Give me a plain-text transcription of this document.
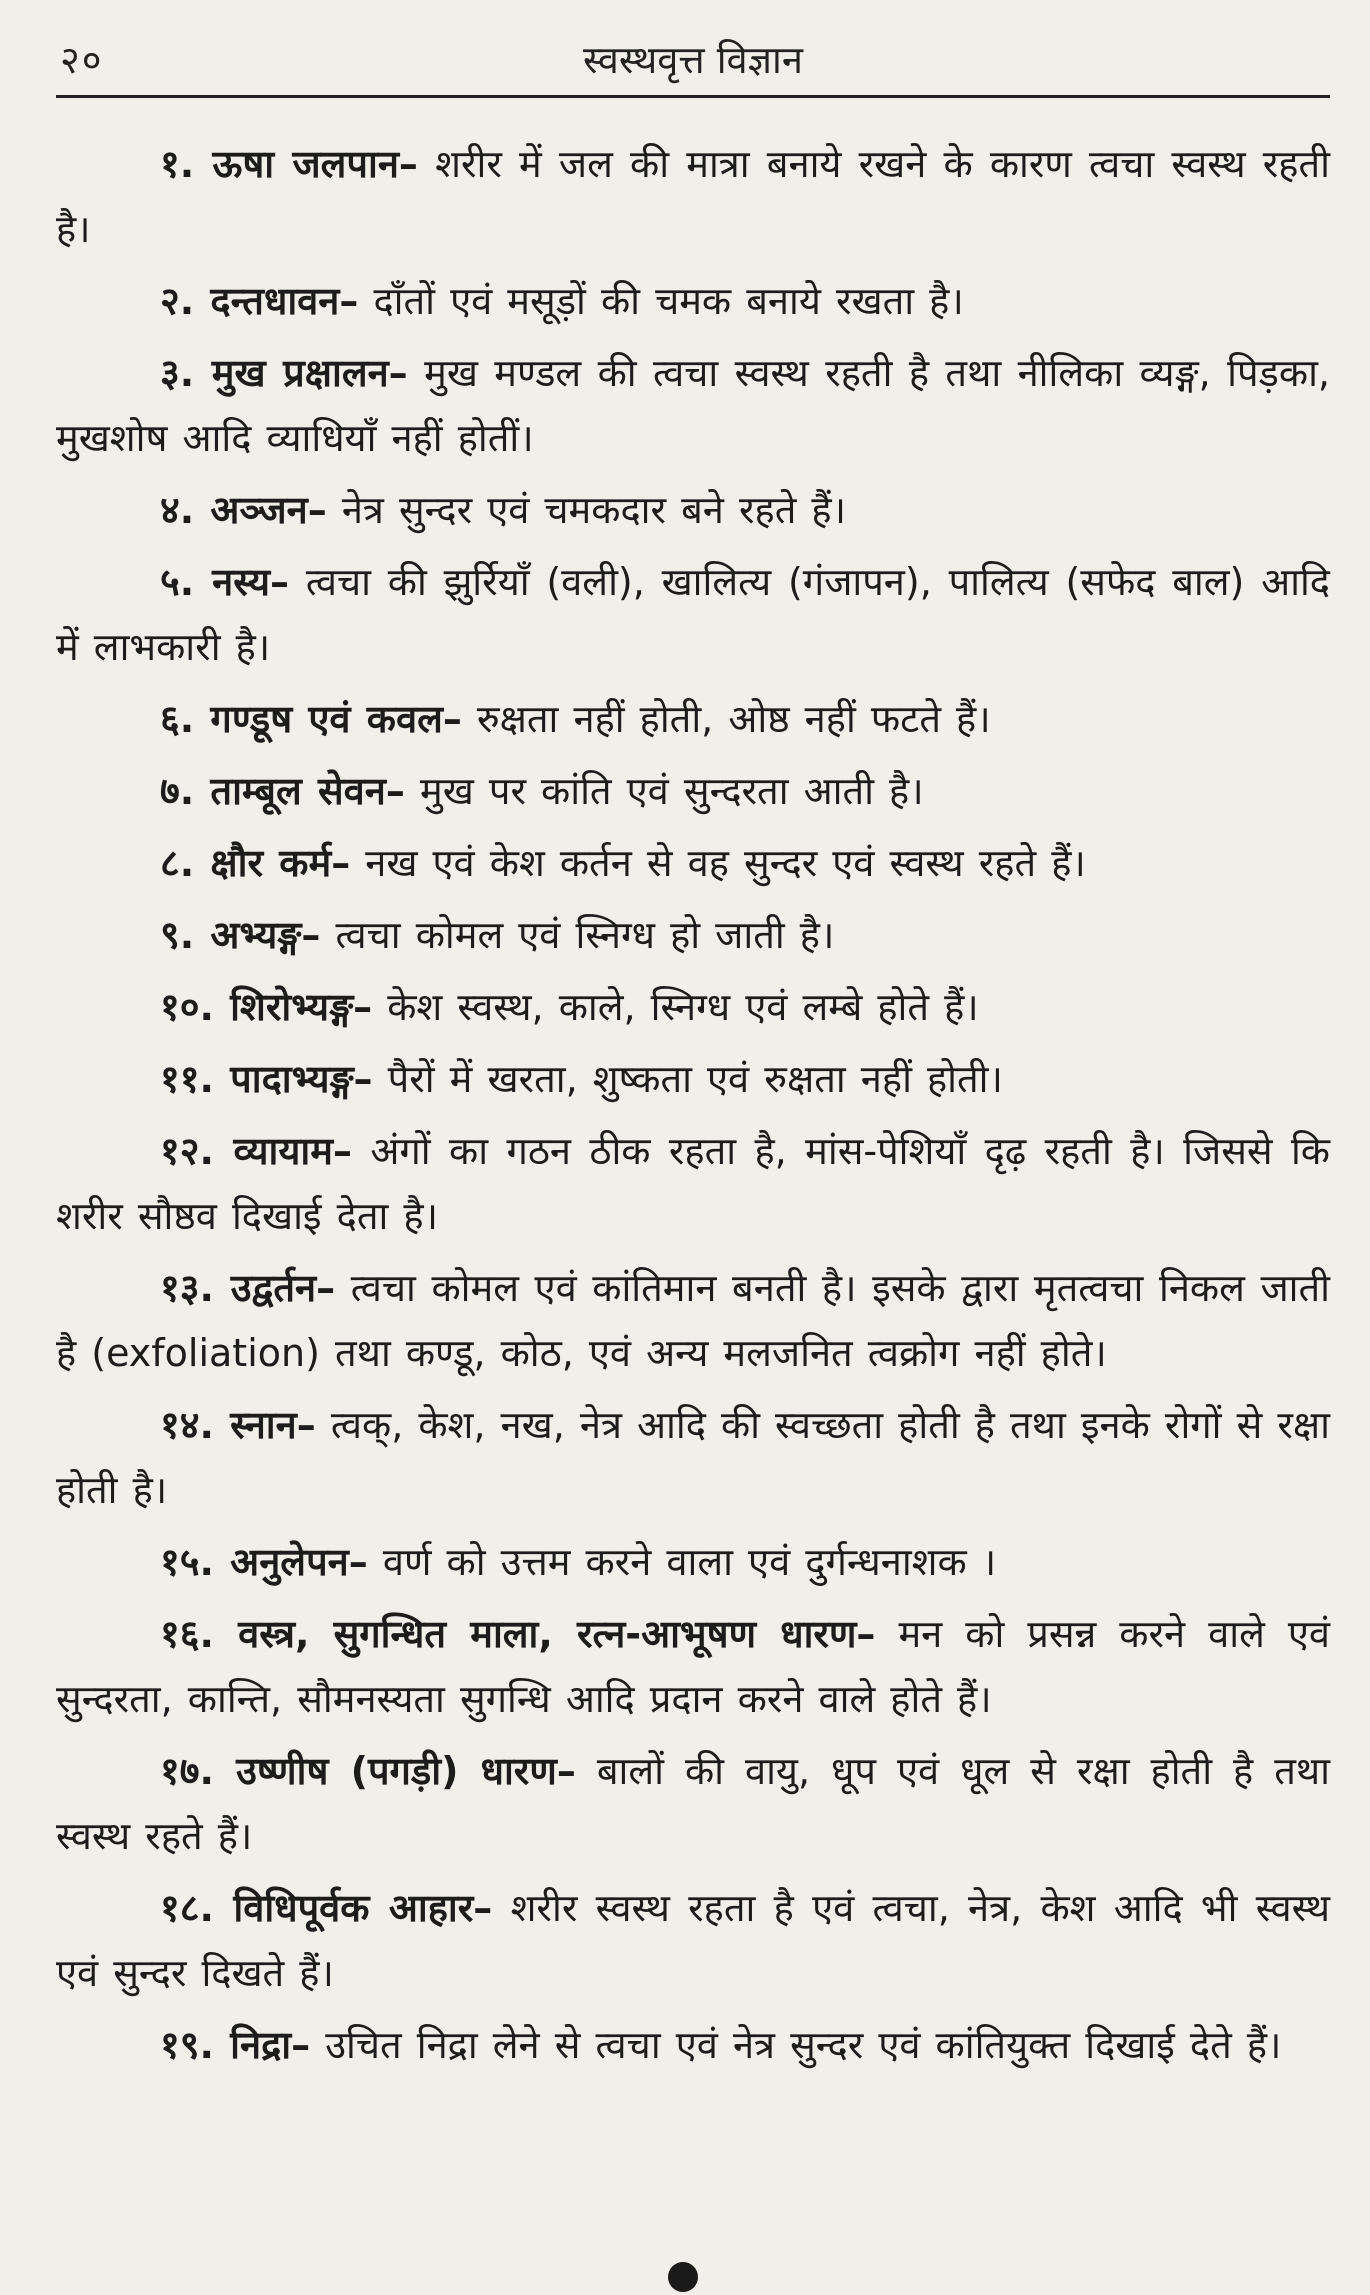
२०	स्वस्थवृत्त विज्ञान

१. ऊषा जलपान– शरीर में जल की मात्रा बनाये रखने के कारण त्वचा स्वस्थ रहती है।

२. दन्तधावन– दाँतों एवं मसूड़ों की चमक बनाये रखता है।

३. मुख प्रक्षालन– मुख मण्डल की त्वचा स्वस्थ रहती है तथा नीलिका व्यङ्ग, पिड़का, मुखशोष आदि व्याधियाँ नहीं होतीं।

४. अञ्जन– नेत्र सुन्दर एवं चमकदार बने रहते हैं।

५. नस्य– त्वचा की झुर्रियाँ (वली), खालित्य (गंजापन), पालित्य (सफेद बाल) आदि में लाभकारी है।

६. गण्डूष एवं कवल– रुक्षता नहीं होती, ओष्ठ नहीं फटते हैं।

७. ताम्बूल सेवन– मुख पर कांति एवं सुन्दरता आती है।

८. क्षौर कर्म– नख एवं केश कर्तन से वह सुन्दर एवं स्वस्थ रहते हैं।

९. अभ्यङ्ग– त्वचा कोमल एवं स्निग्ध हो जाती है।

१०. शिरोभ्यङ्ग– केश स्वस्थ, काले, स्निग्ध एवं लम्बे होते हैं।

११. पादाभ्यङ्ग– पैरों में खरता, शुष्कता एवं रुक्षता नहीं होती।

१२. व्यायाम– अंगों का गठन ठीक रहता है, मांस-पेशियाँ दृढ़ रहती है। जिससे कि शरीर सौष्ठव दिखाई देता है।

१३. उद्वर्तन– त्वचा कोमल एवं कांतिमान बनती है। इसके द्वारा मृतत्वचा निकल जाती है (exfoliation) तथा कण्डू, कोठ, एवं अन्य मलजनित त्वक्रोग नहीं होते।

१४. स्नान– त्वक्, केश, नख, नेत्र आदि की स्वच्छता होती है तथा इनके रोगों से रक्षा होती है।

१५. अनुलेपन– वर्ण को उत्तम करने वाला एवं दुर्गन्धनाशक ।

१६. वस्त्र, सुगन्धित माला, रत्न-आभूषण धारण– मन को प्रसन्न करने वाले एवं सुन्दरता, कान्ति, सौमनस्यता सुगन्धि आदि प्रदान करने वाले होते हैं।

१७. उष्णीष (पगड़ी) धारण– बालों की वायु, धूप एवं धूल से रक्षा होती है तथा स्वस्थ रहते हैं।

१८. विधिपूर्वक आहार– शरीर स्वस्थ रहता है एवं त्वचा, नेत्र, केश आदि भी स्वस्थ एवं सुन्दर दिखते हैं।

१९. निद्रा– उचित निद्रा लेने से त्वचा एवं नेत्र सुन्दर एवं कांतियुक्त दिखाई देते हैं।
